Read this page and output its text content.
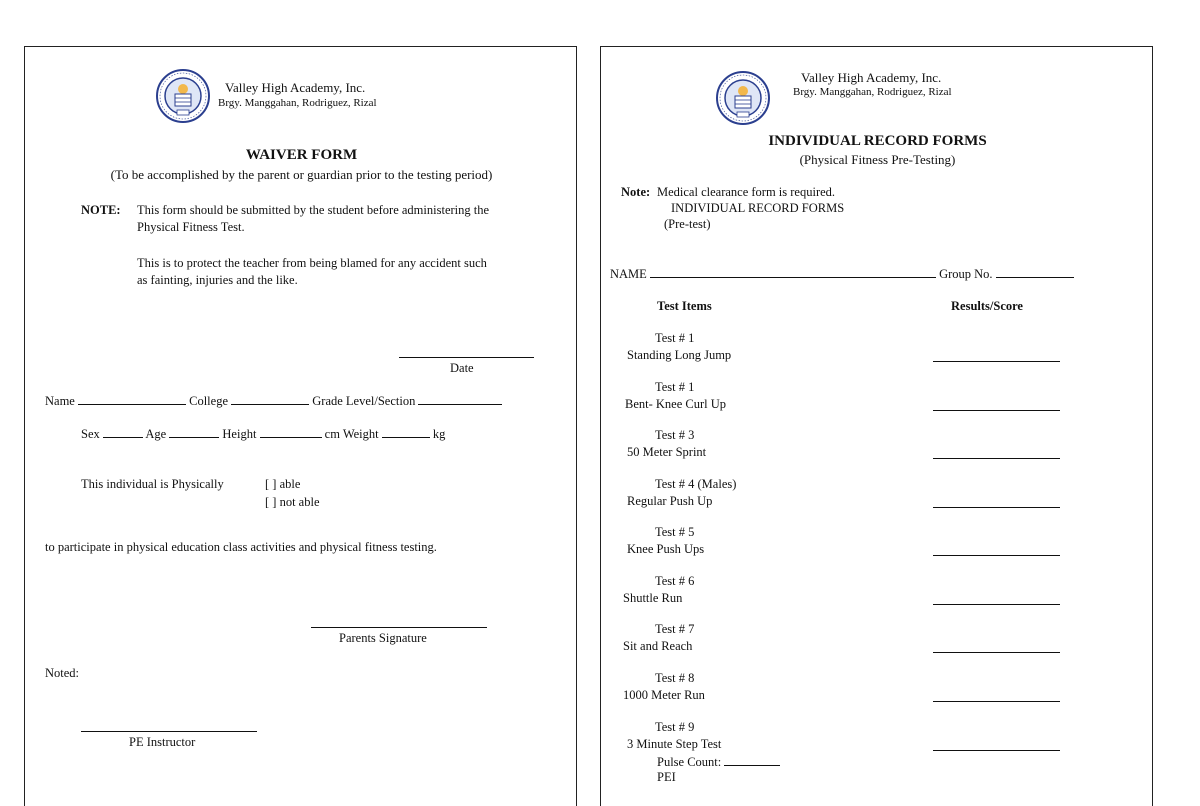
Valley High Academy, Inc.
Brgy. Manggahan, Rodriguez, Rizal
WAIVER FORM
(To be accomplished by the parent or guardian prior to the testing period)
NOTE: This form should be submitted by the student before administering the
Physical Fitness Test.
This is to protect the teacher from being blamed for any accident such
as fainting, injuries and the like.
Date
Name	College	Grade Level/Section
Sex	Age	Height	cm Weight	kg
This individual is Physically	[ ] able
[ ] not able
to participate in physical education class activities and physical fitness testing.
Parents Signature
Noted:
PE Instructor
Valley High Academy, Inc.
Brgy. Manggahan, Rodriguez, Rizal
INDIVIDUAL RECORD FORMS
(Physical Fitness Pre-Testing)
Note: Medical clearance form is required.
INDIVIDUAL RECORD FORMS
(Pre-test)
NAME	Group No.
Test Items	Results/Score
Test # 1
Standing Long Jump
Test # 1
Bent- Knee Curl Up
Test # 3
50 Meter Sprint
Test # 4 (Males)
Regular Push Up
Test # 5
Knee Push Ups
Test # 6
Shuttle Run
Test # 7
Sit and Reach
Test # 8
1000 Meter Run
Test # 9
3 Minute Step Test
Pulse Count:
PEI
